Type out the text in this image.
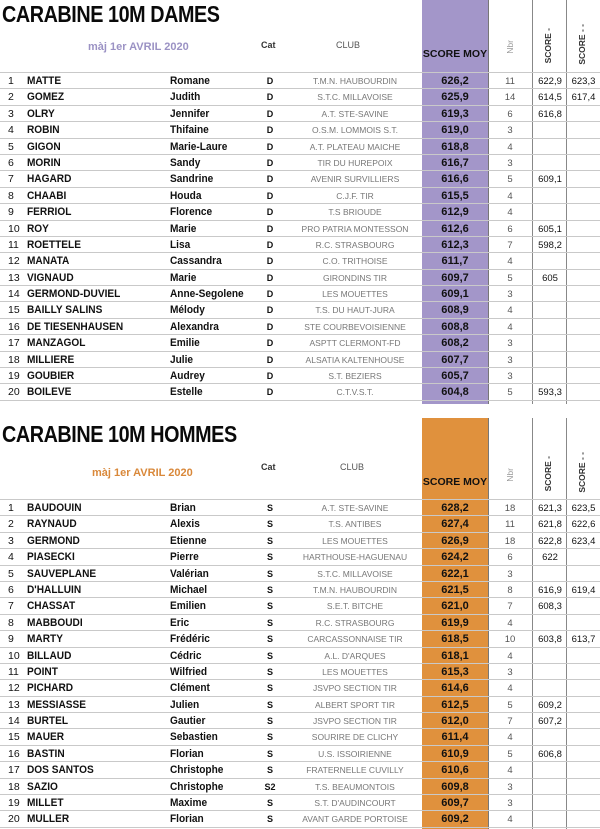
CARABINE 10M DAMES
màj 1er AVRIL 2020	Cat	CLUB
SCORE MOY
Nbr	SCORE -	SCORE - -
1 MATTE	Romane	D	T.M.N. HAUBOURDIN	626,2	11	622,9	623,3
2 GOMEZ	Judith	D	S.T.C. MILLAVOISE	625,9	14	614,5	617,4
3 OLRY	Jennifer	D	A.T. STE-SAVINE	619,3	6	616,8
4 ROBIN	Thifaine	D	O.S.M. LOMMOIS S.T.	619,0	3
5 GIGON	Marie-Laure	D	A.T. PLATEAU MAICHE	618,8	4
6 MORIN	Sandy	D	TIR DU HUREPOIX	616,7	3
7 HAGARD	Sandrine	D	AVENIR SURVILLIERS	616,6	5	609,1
8 CHAABI	Houda	D	C.J.F. TIR	615,5	4
9 FERRIOL	Florence	D	T.S BRIOUDE	612,9	4
10 ROY	Marie	D	PRO PATRIA MONTESSON	612,6	6	605,1
11 ROETTELE	Lisa	D	R.C. STRASBOURG	612,3	7	598,2
12 MANATA	Cassandra	D	C.O. TRITHOISE	611,7	4
13 VIGNAUD	Marie	D	GIRONDINS TIR	609,7	5	605
14 GERMOND-DUVIEL	Anne-Segolene	D	LES MOUETTES	609,1	3
15 BAILLY SALINS	Mélody	D	T.S. DU HAUT-JURA	608,9	4
16 DE TIESENHAUSEN	Alexandra	D	STE COURBEVOISIENNE	608,8	4
17 MANZAGOL	Emilie	D	ASPTT CLERMONT-FD	608,2	3
18 MILLIERE	Julie	D	ALSATIA KALTENHOUSE	607,7	3
19 GOUBIER	Audrey	D	S.T. BEZIERS	605,7	3
20 BOILEVE	Estelle	D	C.T.V.S.T.	604,8	5	593,3
CARABINE 10M HOMMES
màj 1er AVRIL 2020	Cat	CLUB
SCORE MOY
Nbr	SCORE -	SCORE - -
1 BAUDOUIN	Brian	S	A.T. STE-SAVINE	628,2	18	621,3	623,5
2 RAYNAUD	Alexis	S	T.S. ANTIBES	627,4	11	621,8	622,6
3 GERMOND	Etienne	S	LES MOUETTES	626,9	18	622,8	623,4
4 PIASECKI	Pierre	S	HARTHOUSE-HAGUENAU	624,2	6	622
5 SAUVEPLANE	Valérian	S	S.T.C. MILLAVOISE	622,1	3
6 D'HALLUIN	Michael	S	T.M.N. HAUBOURDIN	621,5	8	616,9	619,4
7 CHASSAT	Emilien	S	S.E.T. BITCHE	621,0	7	608,3
8 MABBOUDI	Eric	S	R.C. STRASBOURG	619,9	4
9 MARTY	Frédéric	S	CARCASSONNAISE TIR	618,5	10	603,8	613,7
10 BILLAUD	Cédric	S	A.L. D'ARQUES	618,1	4
11 POINT	Wilfried	S	LES MOUETTES	615,3	3
12 PICHARD	Clément	S	JSVPO SECTION TIR	614,6	4
13 MESSIASSE	Julien	S	ALBERT SPORT TIR	612,5	5	609,2
14 BURTEL	Gautier	S	JSVPO SECTION TIR	612,0	7	607,2
15 MAUER	Sebastien	S	SOURIRE DE CLICHY	611,4	4
16 BASTIN	Florian	S	U.S. ISSOIRIENNE	610,9	5	606,8
17 DOS SANTOS	Christophe	S	FRATERNELLE CUVILLY	610,6	4
18 SAZIO	Christophe	S2	T.S. BEAUMONTOIS	609,8	3
19 MILLET	Maxime	S	S.T. D'AUDINCOURT	609,7	3
20 MULLER	Florian	S	AVANT GARDE PORTOISE	609,2	4
